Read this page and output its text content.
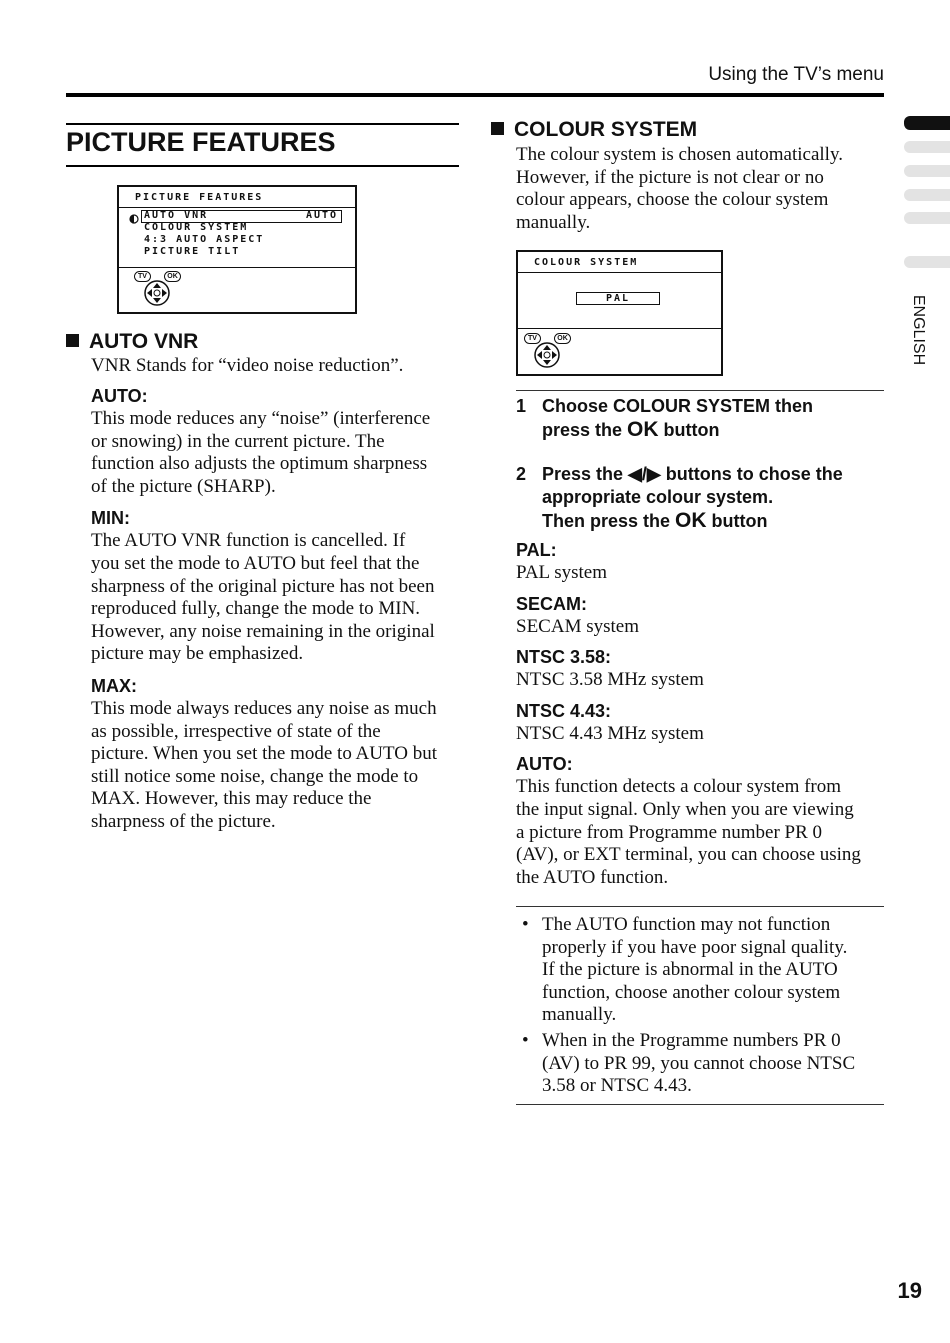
Using the TV’s menu
ENGLISH
PICTURE FEATURES
PICTURE FEATURES
AUTO VNR	AUTO
COLOUR SYSTEM
4:3 AUTO ASPECT
PICTURE TILT
TV	OK
AUTO VNR
VNR Stands for “video noise reduction”.
AUTO:
This mode reduces any “noise” (interference
or snowing) in the current picture. The
function also adjusts the optimum sharpness
of the picture (SHARP).
MIN:
The AUTO VNR function is cancelled. If
you set the mode to AUTO but feel that the
sharpness of the original picture has not been
reproduced fully, change the mode to MIN.
However, any noise remaining in the original
picture may be emphasized.
MAX:
This mode always reduces any noise as much
as possible, irrespective of state of the
picture. When you set the mode to AUTO but
still notice some noise, change the mode to
MAX. However, this may reduce the
sharpness of the picture.
COLOUR SYSTEM
The colour system is chosen automatically.
However, if the picture is not clear or no
colour appears, choose the colour system
manually.
COLOUR SYSTEM
PAL
TV	OK
1 Choose COLOUR SYSTEM then
press the OK button
2 Press the ◀/▶ buttons to chose the
appropriate colour system.
Then press the OK button
PAL:
PAL system
SECAM:
SECAM system
NTSC 3.58:
NTSC 3.58 MHz system
NTSC 4.43:
NTSC 4.43 MHz system
AUTO:
This function detects a colour system from
the input signal. Only when you are viewing
a picture from Programme number PR 0
(AV), or EXT terminal, you can choose using
the AUTO function.
• The AUTO function may not function
properly if you have poor signal quality.
If the picture is abnormal in the AUTO
function, choose another colour system
manually.
• When in the Programme numbers PR 0
(AV) to PR 99, you cannot choose NTSC
3.58 or NTSC 4.43.
19
